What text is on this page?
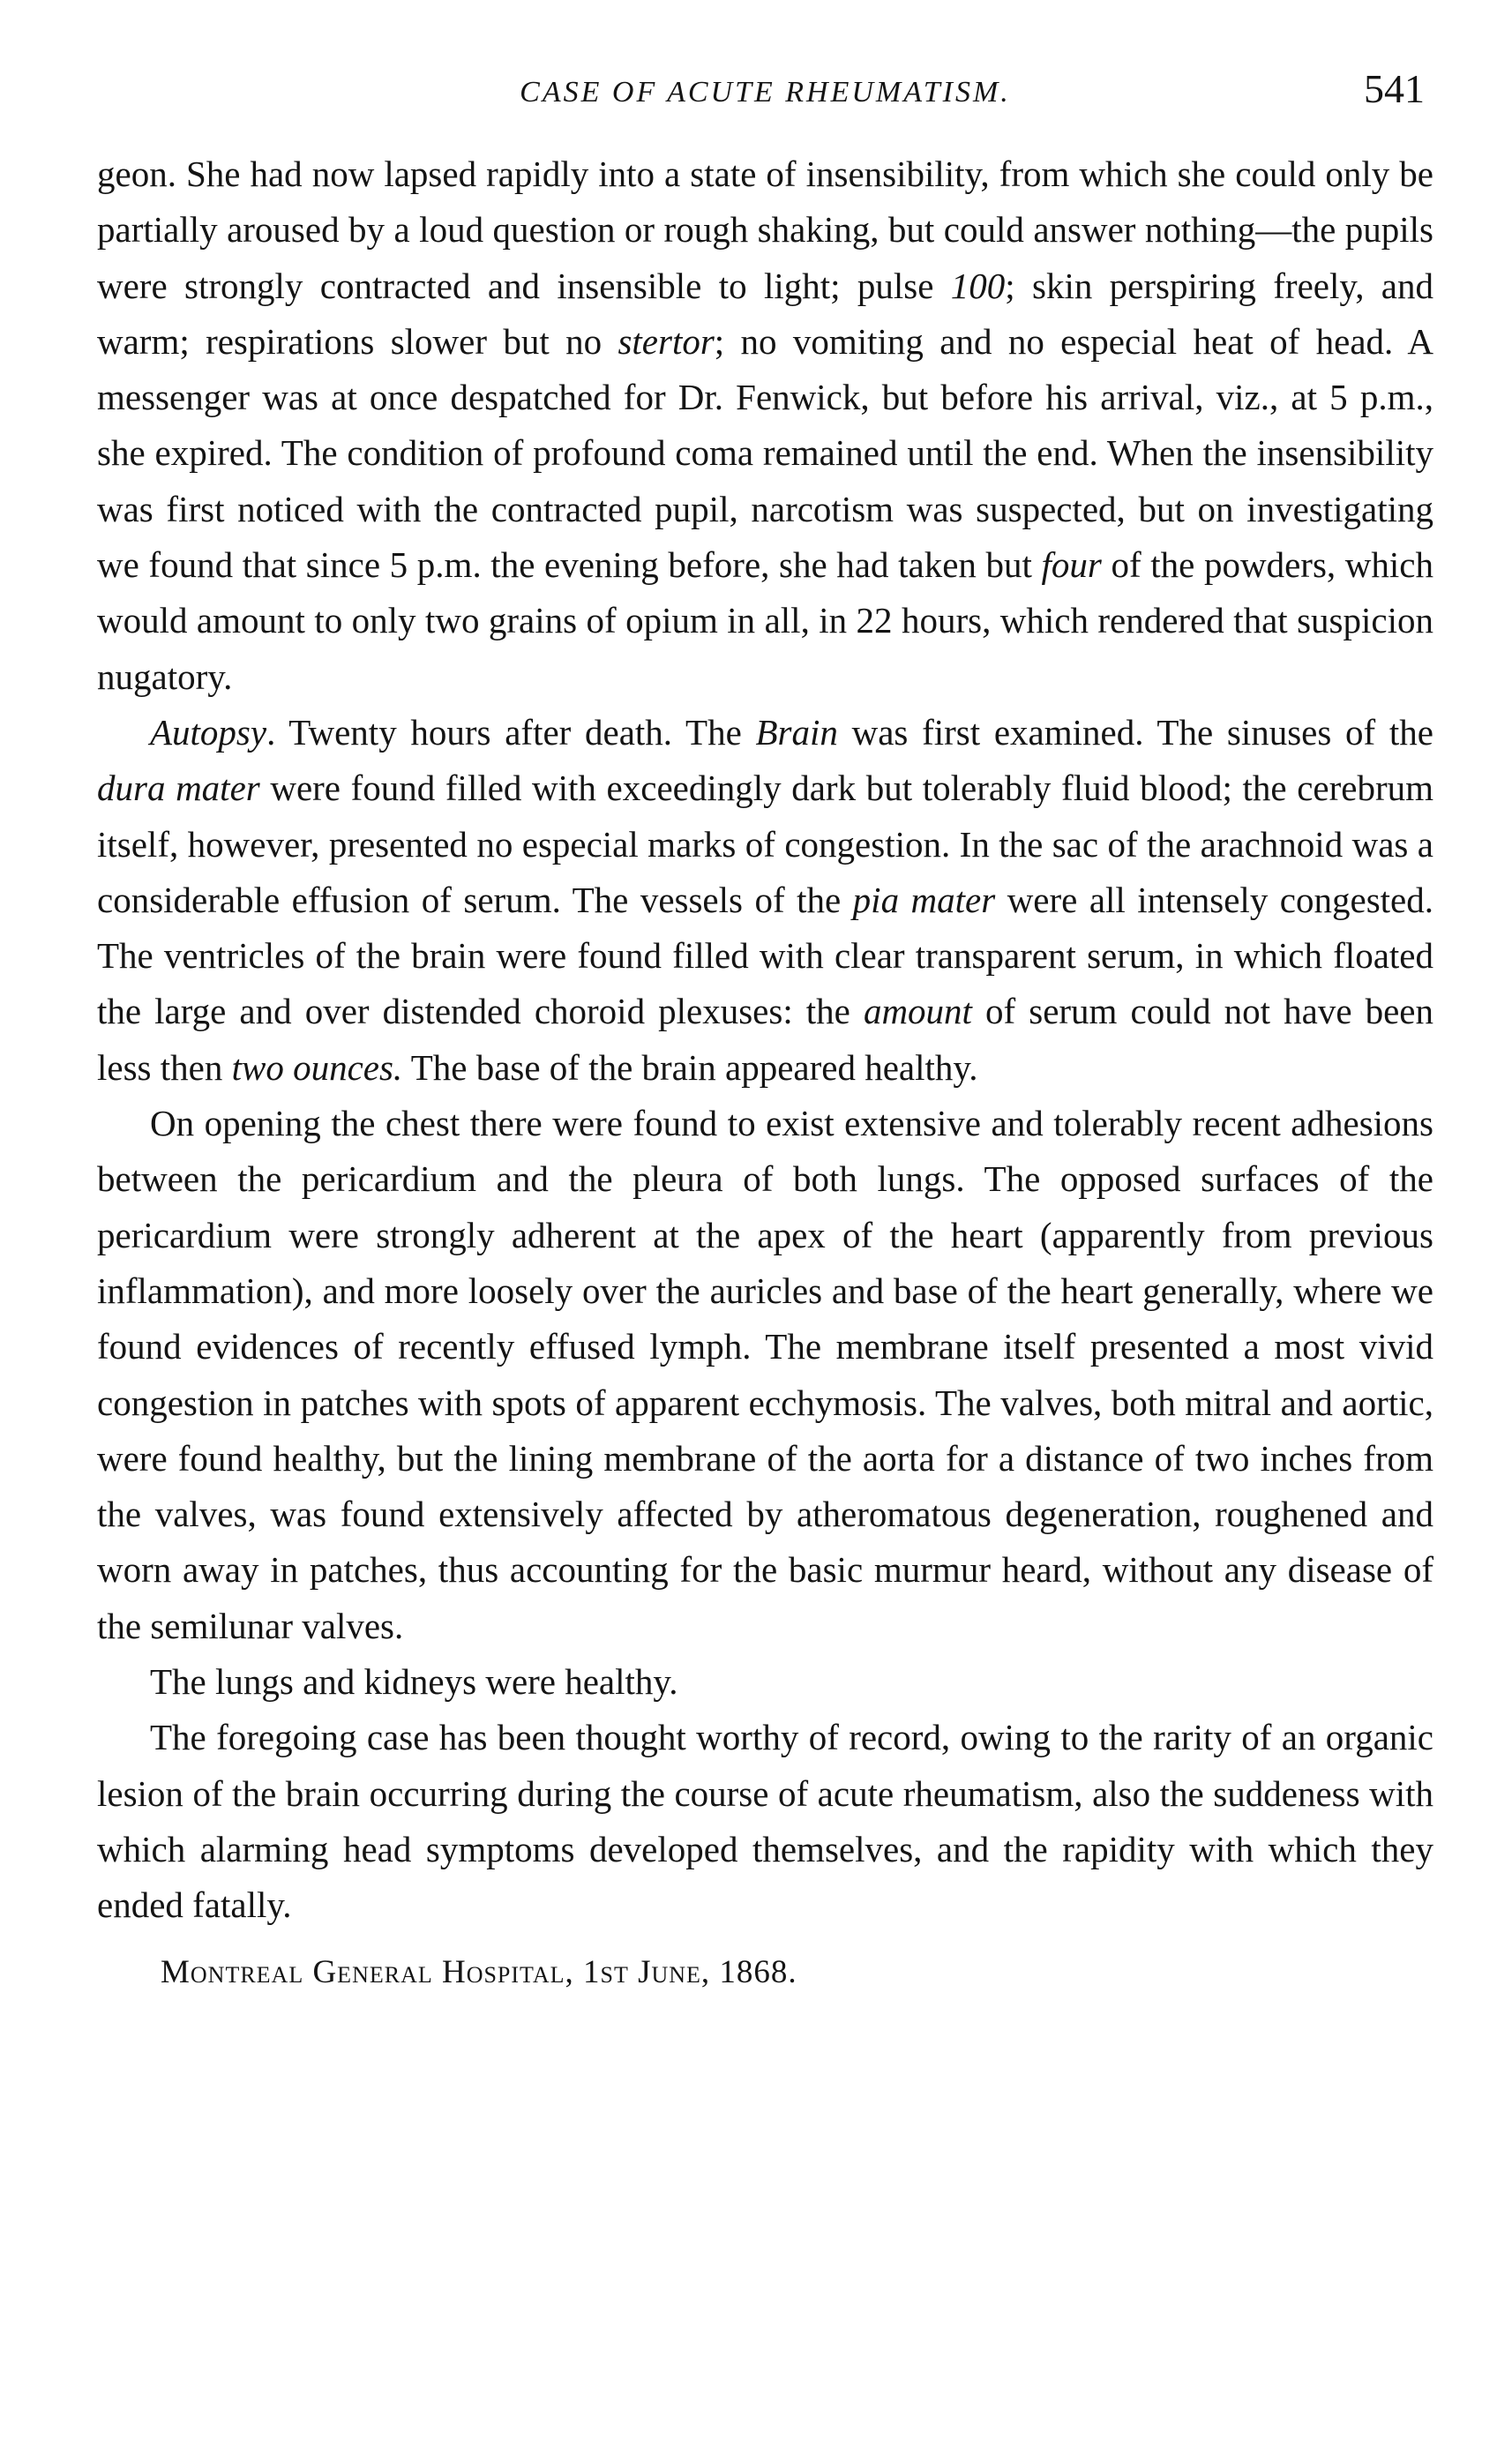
CASE OF ACUTE RHEUMATISM.	541

geon. She had now lapsed rapidly into a state of insensibility, from which she could only be partially aroused by a loud question or rough shaking, but could answer nothing—the pupils were strongly contracted and insensible to light; pulse 100; skin perspiring freely, and warm; respirations slower but no stertor; no vomiting and no especial heat of head. A messenger was at once despatched for Dr. Fenwick, but before his arrival, viz., at 5 p.m., she expired. The condition of profound coma remained until the end. When the insensibility was first noticed with the contracted pupil, narcotism was suspected, but on investigating we found that since 5 p.m. the evening before, she had taken but four of the powders, which would amount to only two grains of opium in all, in 22 hours, which rendered that suspicion nugatory.

Autopsy. Twenty hours after death. The Brain was first examined. The sinuses of the dura mater were found filled with exceedingly dark but tolerably fluid blood; the cerebrum itself, however, presented no especial marks of congestion. In the sac of the arachnoid was a considerable effusion of serum. The vessels of the pia mater were all intensely congested. The ventricles of the brain were found filled with clear transparent serum, in which floated the large and over distended choroid plexuses: the amount of serum could not have been less then two ounces. The base of the brain appeared healthy.

On opening the chest there were found to exist extensive and tolerably recent adhesions between the pericardium and the pleura of both lungs. The opposed surfaces of the pericardium were strongly adherent at the apex of the heart (apparently from previous inflammation), and more loosely over the auricles and base of the heart generally, where we found evidences of recently effused lymph. The membrane itself presented a most vivid congestion in patches with spots of apparent ecchymosis. The valves, both mitral and aortic, were found healthy, but the lining membrane of the aorta for a distance of two inches from the valves, was found extensively affected by atheromatous degeneration, roughened and worn away in patches, thus accounting for the basic murmur heard, without any disease of the semilunar valves.

The lungs and kidneys were healthy.

The foregoing case has been thought worthy of record, owing to the rarity of an organic lesion of the brain occurring during the course of acute rheumatism, also the suddeness with which alarming head symptoms developed themselves, and the rapidity with which they ended fatally.

Montreal General Hospital, 1st June, 1868.
